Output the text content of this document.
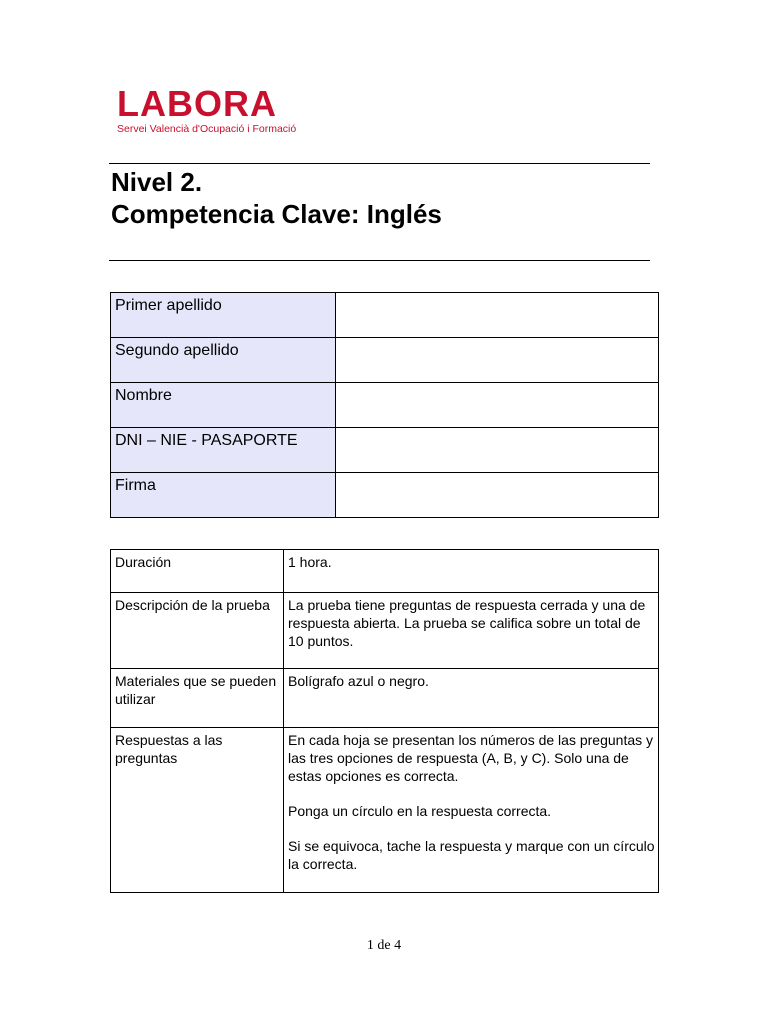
LABORA
Servei Valencià d'Ocupació i Formació
Nivel 2.
Competencia Clave: Inglés
Primer apellido	
Segundo apellido	
Nombre	
DNI – NIE - PASAPORTE	
Firma	
Duración	1 hora.

Descripción de la prueba	La prueba tiene preguntas de respuesta cerrada y una de respuesta abierta. La prueba se califica sobre un total de 10 puntos.

Materiales que se pueden utilizar	Bolígrafo azul o negro.

Respuestas a las preguntas	En cada hoja se presentan los números de las preguntas y las tres opciones de respuesta (A, B, y C). Solo una de estas opciones es correcta.

Ponga un círculo en la respuesta correcta.

Si se equivoca, tache la respuesta y marque con un círculo la correcta.

1 de 4
